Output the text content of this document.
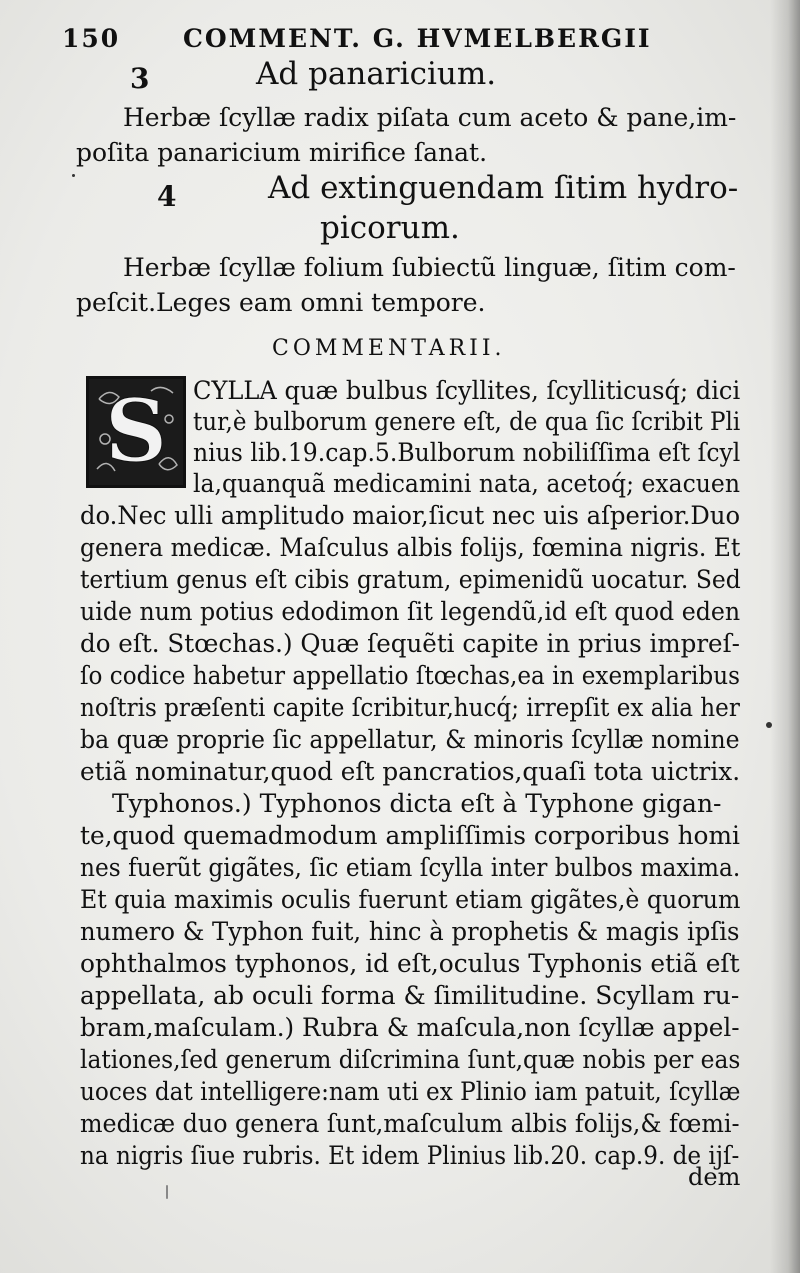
150	COMMENT. G. HVMELBERGII
3	Ad panaricium.
Herbæ ſcyllæ radix piſata cum aceto & pane,im-
poſita panaricium mirifice ſanat.
4	Ad extinguendam ſitim hydro-
picorum.
Herbæ ſcyllæ folium ſubiectũ linguæ, ſitim com-
peſcit.Leges eam omni tempore.
COMMENTARII.
S CYLLA quæ bulbus ſcyllites, ſcylliticusq́; dici
tur,è bulborum genere eſt, de qua ſic ſcribit Pli
nius lib.19.cap.5.Bulborum nobiliſſima eſt ſcyl
la,quanquã medicamini nata, acetoq́; exacuen
do.Nec ulli amplitudo maior,ſicut nec uis aſperior.Duo
genera medicæ. Maſculus albis folijs, fœmina nigris. Et
tertium genus eſt cibis gratum, epimenidũ uocatur. Sed
uide num potius edodimon ſit legendũ,id eſt quod eden
do eſt. Stœchas.) Quæ ſequẽti capite in prius impreſ-
ſo codice habetur appellatio ſtœchas,ea in exemplaribus
noſtris præſenti capite ſcribitur,hucq́; irrepſit ex alia her
ba quæ proprie ſic appellatur, & minoris ſcyllæ nomine
etiã nominatur,quod eſt pancratios,quaſi tota uictrix.
Typhonos.) Typhonos dicta eſt à Typhone gigan-
te,quod quemadmodum ampliſſimis corporibus homi
nes fuerũt gigãtes, ſic etiam ſcylla inter bulbos maxima.
Et quia maximis oculis fuerunt etiam gigãtes,è quorum
numero & Typhon fuit, hinc à prophetis & magis ipſis
ophthalmos typhonos, id eſt,oculus Typhonis etiã eſt
appellata, ab oculi forma & ſimilitudine. Scyllam ru-
bram,maſculam.) Rubra & maſcula,non ſcyllæ appel-
lationes,ſed generum diſcrimina ſunt,quæ nobis per eas
uoces dat intelligere:nam uti ex Plinio iam patuit, ſcyllæ
medicæ duo genera ſunt,maſculum albis folijs,& fœmi-
na nigris ſiue rubris. Et idem Plinius lib.20. cap.9. de ijſ-
dem
